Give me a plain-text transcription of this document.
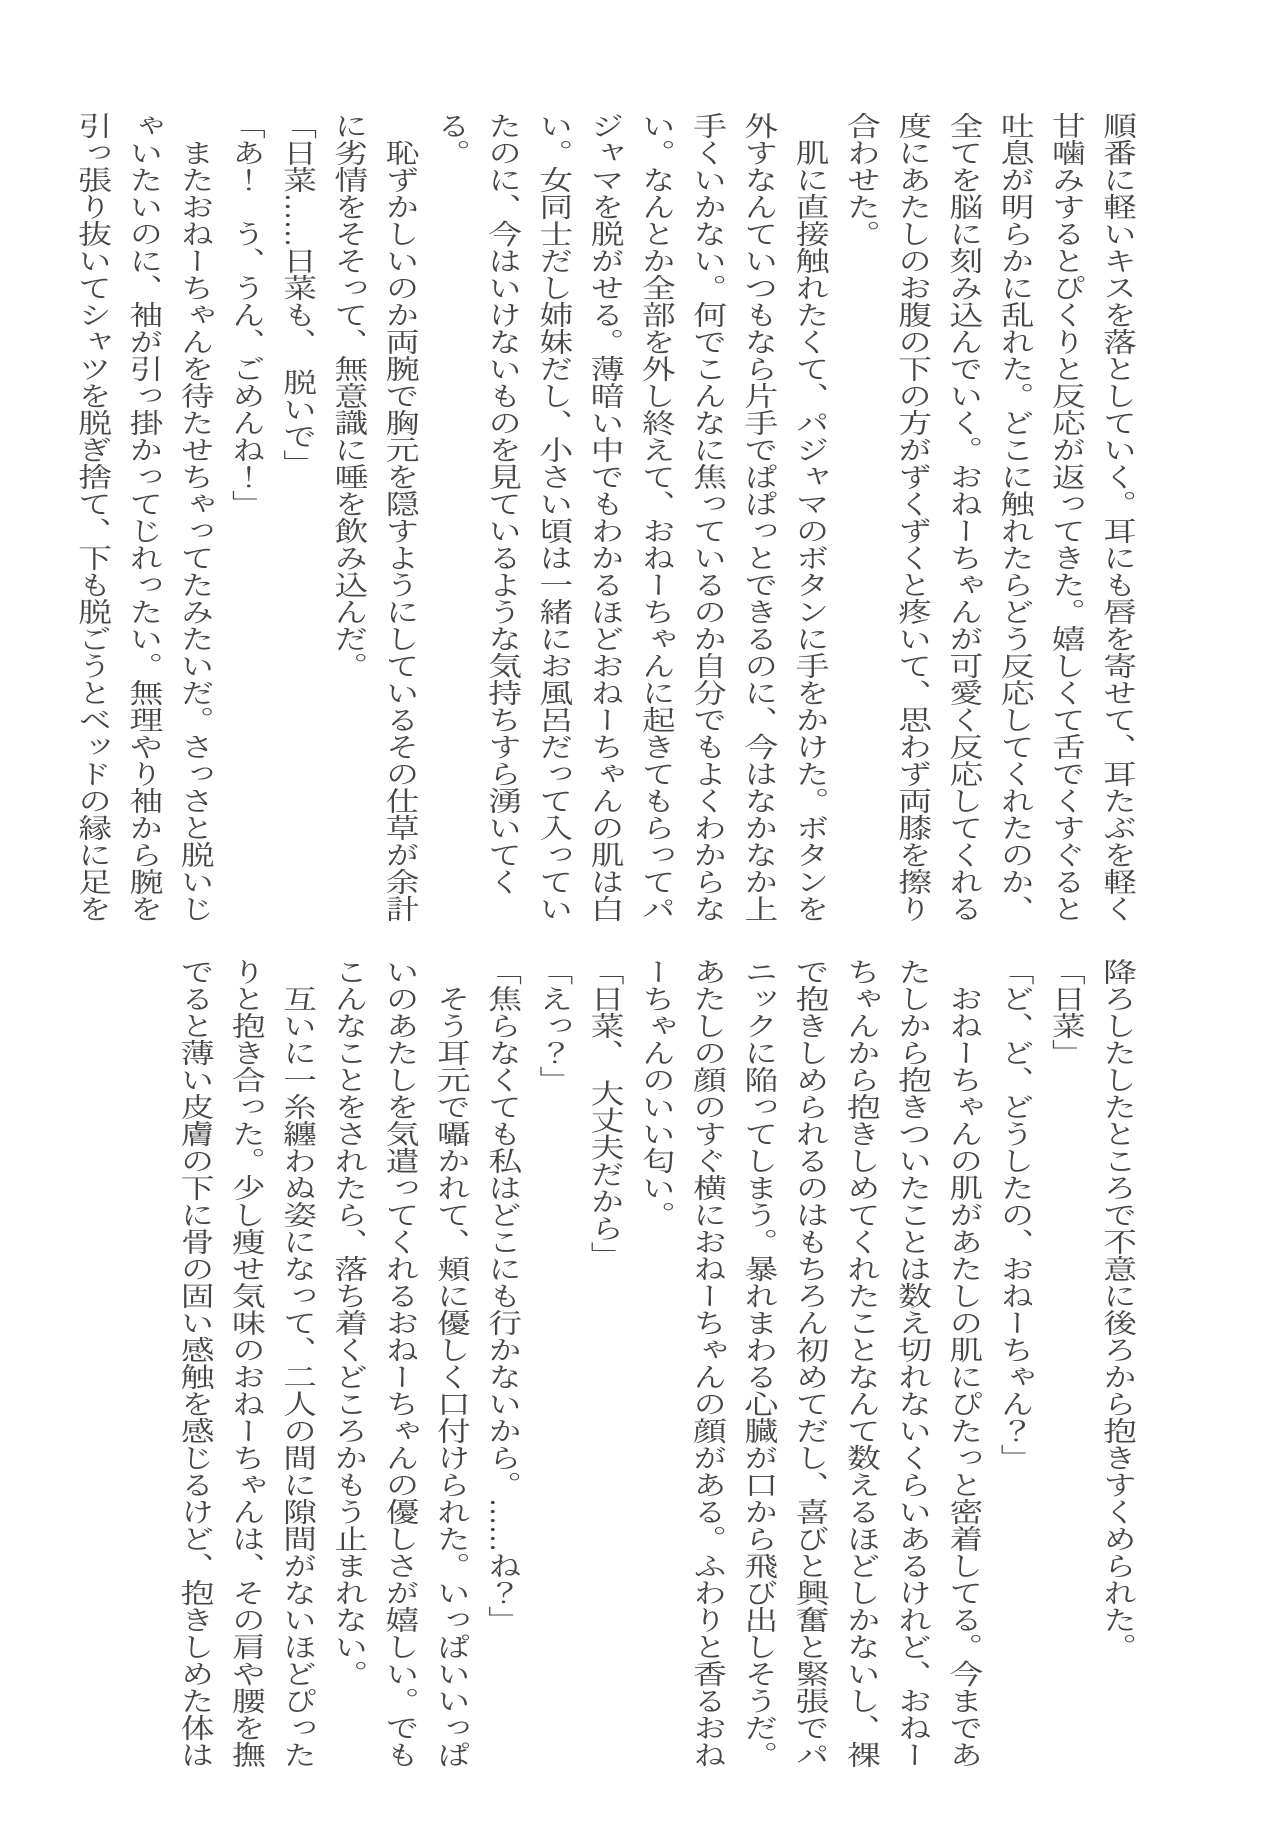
順番に軽いキスを落としていく。耳にも唇を寄せて、耳たぶを軽く甘噛みするとぴくりと反応が返ってきた。嬉しくて舌でくすぐると吐息が明らかに乱れた。どこに触れたらどう反応してくれたのか、全てを脳に刻み込んでいく。おねーちゃんが可愛く反応してくれる度にあたしのお腹の下の方がずくずくと疼いて、思わず両膝を擦り合わせた。

　肌に直接触れたくて、パジャマのボタンに手をかけた。ボタンを外すなんていつもなら片手でぱぱっとできるのに、今はなかなか上手くいかない。何でこんなに焦っているのか自分でもよくわからない。なんとか全部を外し終えて、おねーちゃんに起きてもらってパジャマを脱がせる。薄暗い中でもわかるほどおねーちゃんの肌は白い。女同士だし姉妹だし、小さい頃は一緒にお風呂だって入っていたのに、今はいけないものを見ているような気持ちすら湧いてくる。

　恥ずかしいのか両腕で胸元を隠すようにしているその仕草が余計に劣情をそそって、無意識に唾を飲み込んだ。

「日菜……日菜も、　脱いで」

「あ！　う、うん、ごめんね！」

　またおねーちゃんを待たせちゃってたみたいだ。さっさと脱いじゃいたいのに、袖が引っ掛かってじれったい。無理やり袖から腕を引っ張り抜いてシャツを脱ぎ捨て、下も脱ごうとベッドの縁に足を

降ろしたしたところで不意に後ろから抱きすくめられた。

「日菜」

「ど、ど、どうしたの、おねーちゃん？」

　おねーちゃんの肌があたしの肌にぴたっと密着してる。今まであたしから抱きついたことは数え切れないくらいあるけれど、おねーちゃんから抱きしめてくれたことなんて数えるほどしかないし、裸で抱きしめられるのはもちろん初めてだし、喜びと興奮と緊張でパニックに陥ってしまう。暴れまわる心臓が口から飛び出しそうだ。あたしの顔のすぐ横におねーちゃんの顔がある。ふわりと香るおねーちゃんのいい匂い。

「日菜、　大丈夫だから」

「えっ？」

「焦らなくても私はどこにも行かないから。……ね？」

　そう耳元で囁かれて、頬に優しく口付けられた。いっぱいいっぱいのあたしを気遣ってくれるおねーちゃんの優しさが嬉しい。でもこんなことをされたら、落ち着くどころかもう止まれない。

　互いに一糸纏わぬ姿になって、二人の間に隙間がないほどぴったりと抱き合った。少し痩せ気味のおねーちゃんは、その肩や腰を撫でると薄い皮膚の下に骨の固い感触を感じるけど、抱きしめた体は
